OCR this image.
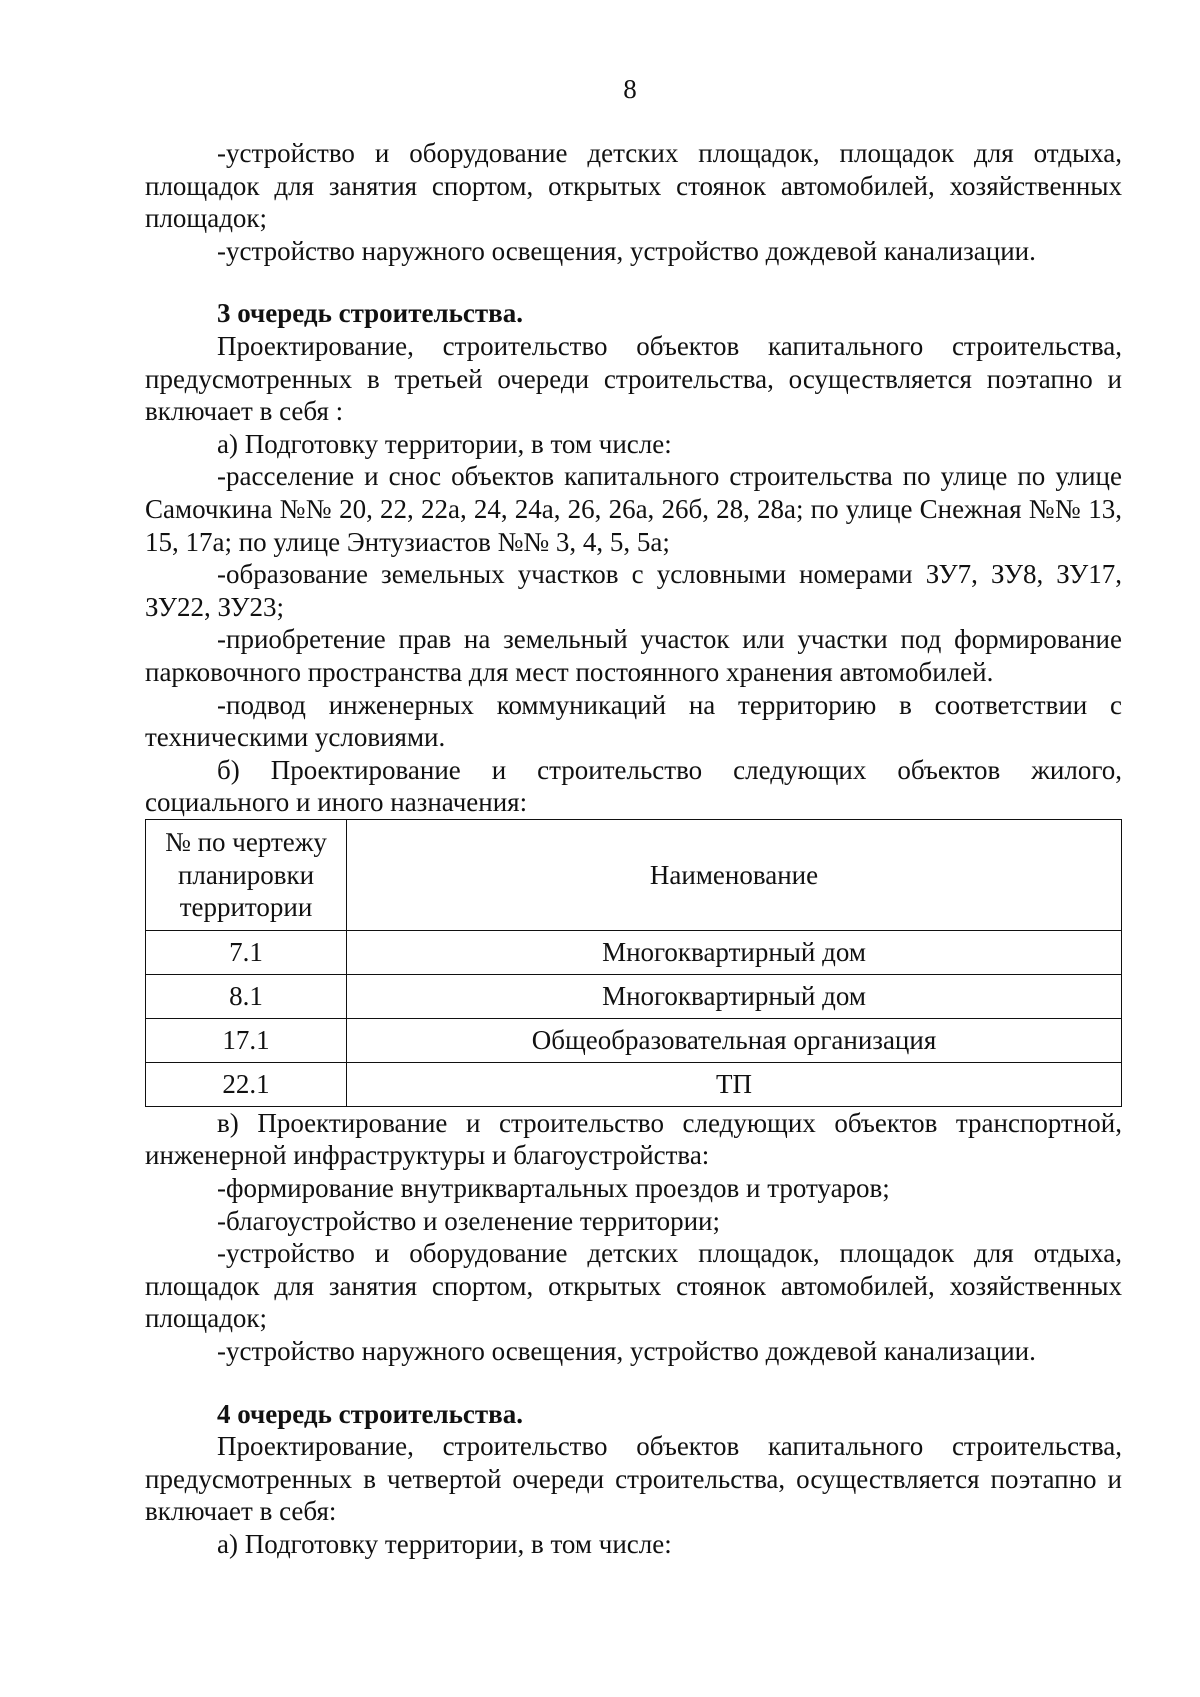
8

-устройство и оборудование детских площадок, площадок для отдыха, площадок для занятия спортом, открытых стоянок автомобилей, хозяйственных площадок;

-устройство наружного освещения, устройство дождевой канализации.

3 очередь строительства.

Проектирование, строительство объектов капитального строительства, предусмотренных в третьей очереди строительства, осуществляется поэтапно и включает в себя :

а) Подготовку территории, в том числе:

-расселение и снос объектов капитального строительства по улице по улице Самочкина №№ 20, 22, 22а, 24, 24а, 26, 26а, 26б, 28, 28а; по улице Снежная №№ 13, 15, 17а; по улице Энтузиастов №№ 3, 4, 5, 5а;

-образование земельных участков с условными номерами ЗУ7, ЗУ8, ЗУ17, ЗУ22, ЗУ23;

-приобретение прав на земельный участок или участки под формирование парковочного пространства для мест постоянного хранения автомобилей.

-подвод инженерных коммуникаций на территорию в соответствии с техническими условиями.

б) Проектирование и строительство следующих объектов жилого, социального и иного назначения:

№ по чертежу планировки территории	Наименование
7.1	Многоквартирный дом
8.1	Многоквартирный дом
17.1	Общеобразовательная организация
22.1	ТП

в) Проектирование и строительство следующих объектов транспортной, инженерной инфраструктуры и благоустройства:

-формирование внутриквартальных проездов и тротуаров;

-благоустройство и озеленение территории;

-устройство и оборудование детских площадок, площадок для отдыха, площадок для занятия спортом, открытых стоянок автомобилей, хозяйственных площадок;

-устройство наружного освещения, устройство дождевой канализации.

4 очередь строительства.

Проектирование, строительство объектов капитального строительства, предусмотренных в четвертой очереди строительства, осуществляется поэтапно и включает в себя:

а) Подготовку территории, в том числе:
